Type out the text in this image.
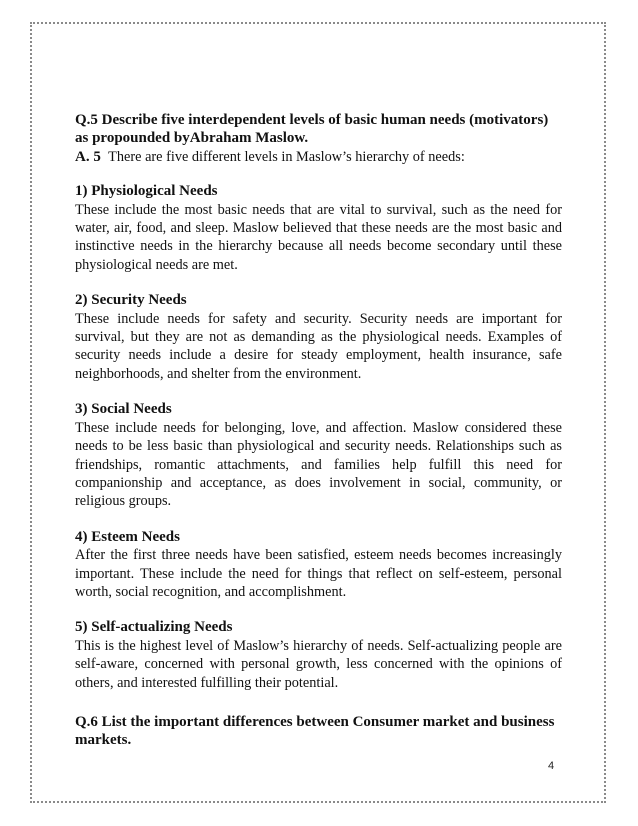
Q.5 Describe five interdependent levels of basic human needs (motivators) as propounded byAbraham Maslow.

A. 5 There are five different levels in Maslow’s hierarchy of needs:

1) Physiological Needs

These include the most basic needs that are vital to survival, such as the need for water, air, food, and sleep. Maslow believed that these needs are the most basic and instinctive needs in the hierarchy because all needs become secondary until these physiological needs are met.

2) Security Needs

These include needs for safety and security. Security needs are important for survival, but they are not as demanding as the physiological needs. Examples of security needs include a desire for steady employment, health insurance, safe neighborhoods, and shelter from the environment.

3) Social Needs

These include needs for belonging, love, and affection. Maslow considered these needs to be less basic than physiological and security needs. Relationships such as friendships, romantic attachments, and families help fulfill this need for companionship and acceptance, as does involvement in social, community, or religious groups.

4) Esteem Needs

After the first three needs have been satisfied, esteem needs becomes increasingly important. These include the need for things that reflect on self-esteem, personal worth, social recognition, and accomplishment.

5) Self-actualizing Needs

This is the highest level of Maslow’s hierarchy of needs. Self-actualizing people are self-aware, concerned with personal growth, less concerned with the opinions of others, and interested fulfilling their potential.

Q.6 List the important differences between Consumer market and business markets.

4
